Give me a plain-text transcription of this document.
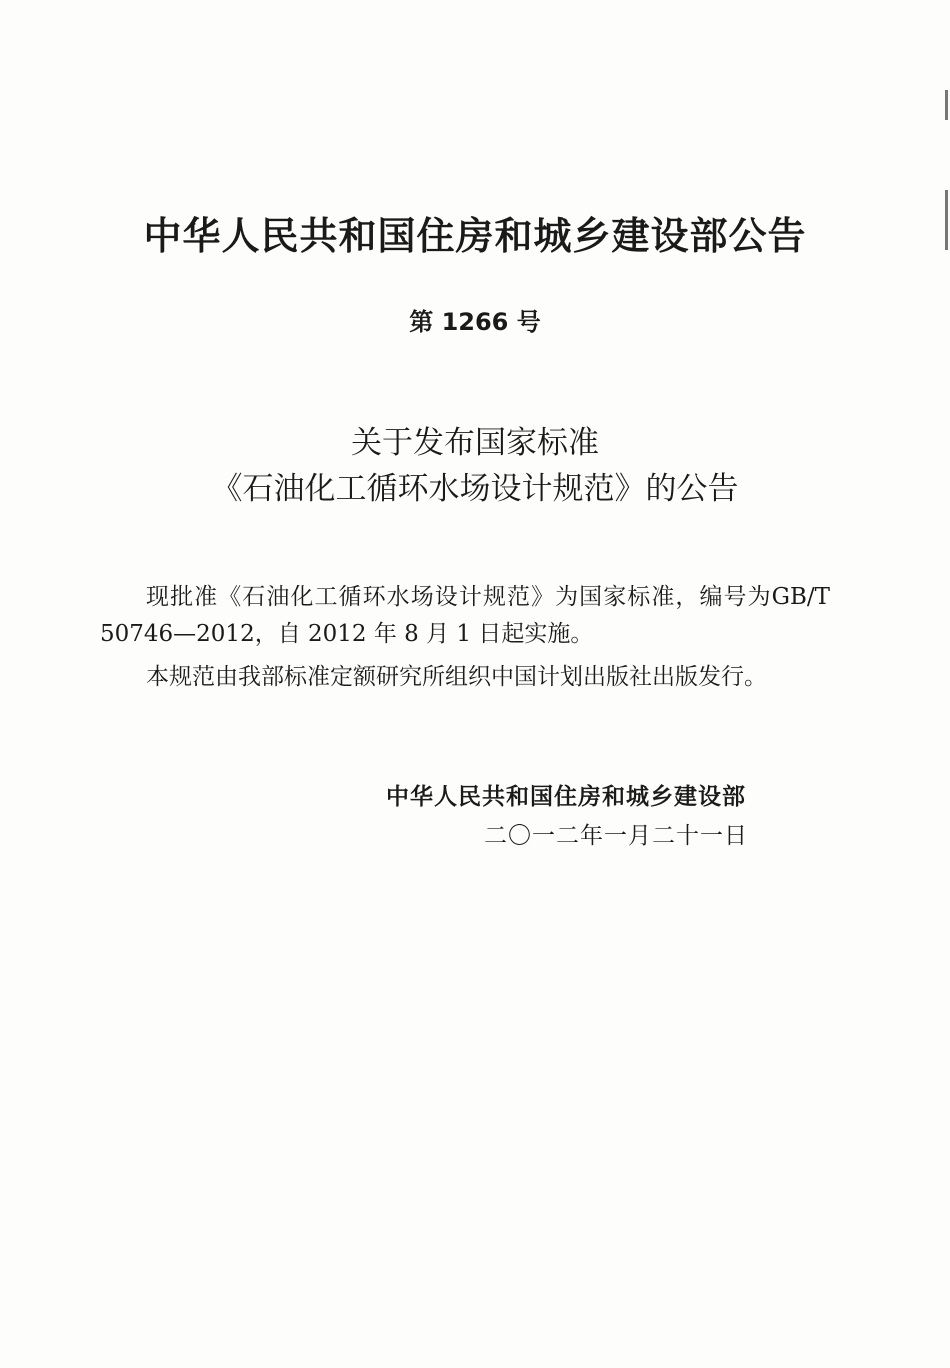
中华人民共和国住房和城乡建设部公告
第 1266 号
关于发布国家标准
《石油化工循环水场设计规范》的公告
现批准《石油化工循环水场设计规范》为国家标准，编号为GB/T 50746—2012，自 2012 年 8 月 1 日起实施。
本规范由我部标准定额研究所组织中国计划出版社出版发行。
中华人民共和国住房和城乡建设部
二〇一二年一月二十一日
